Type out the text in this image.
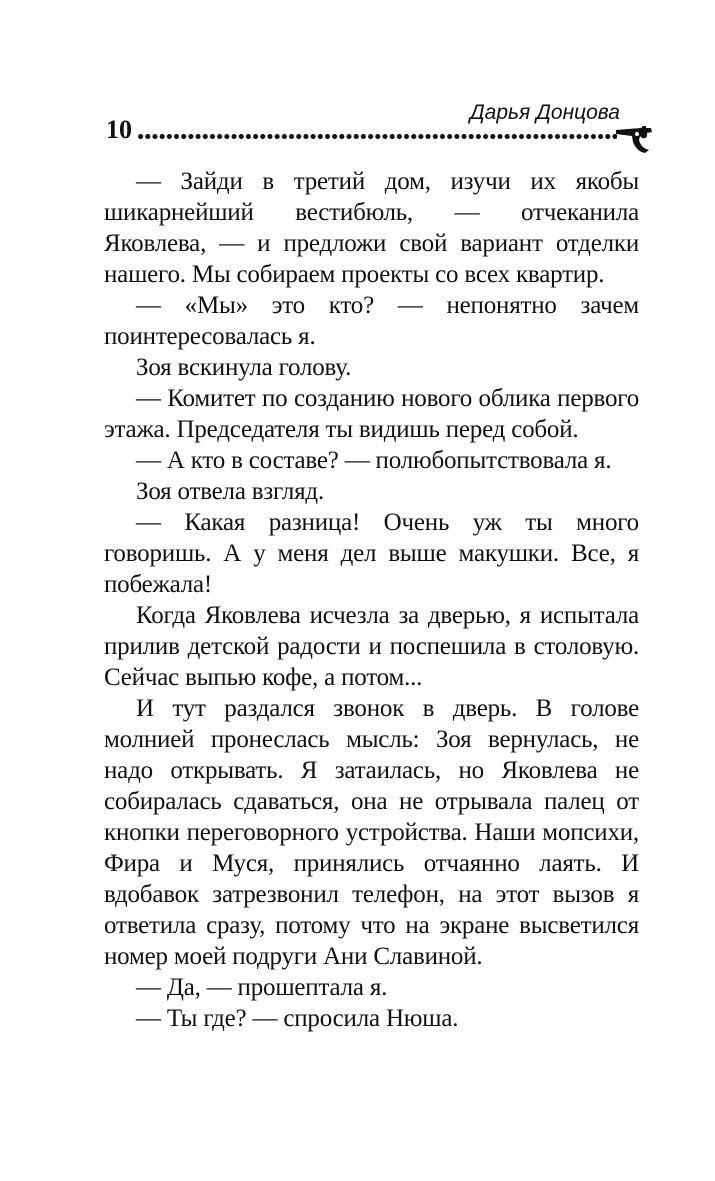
10
Дарья Донцова

— Зайди в третий дом, изучи их якобы шикарнейший вестибюль, — отчеканила Яковлева, — и предложи свой вариант отделки нашего. Мы собираем проекты со всех квартир.

— «Мы» это кто? — непонятно зачем поинтересовалась я.

Зоя вскинула голову.

— Комитет по созданию нового облика первого этажа. Председателя ты видишь перед собой.

— А кто в составе? — полюбопытствовала я.

Зоя отвела взгляд.

— Какая разница! Очень уж ты много говоришь. А у меня дел выше макушки. Все, я побежала!

Когда Яковлева исчезла за дверью, я испытала прилив детской радости и поспешила в столовую. Сейчас выпью кофе, а потом...

И тут раздался звонок в дверь. В голове молнией пронеслась мысль: Зоя вернулась, не надо открывать. Я затаилась, но Яковлева не собиралась сдаваться, она не отрывала палец от кнопки переговорного устройства. Наши мопсихи, Фира и Муся, принялись отчаянно лаять. И вдобавок затрезвонил телефон, на этот вызов я ответила сразу, потому что на экране высветился номер моей подруги Ани Славиной.

— Да, — прошептала я.

— Ты где? — спросила Нюша.
